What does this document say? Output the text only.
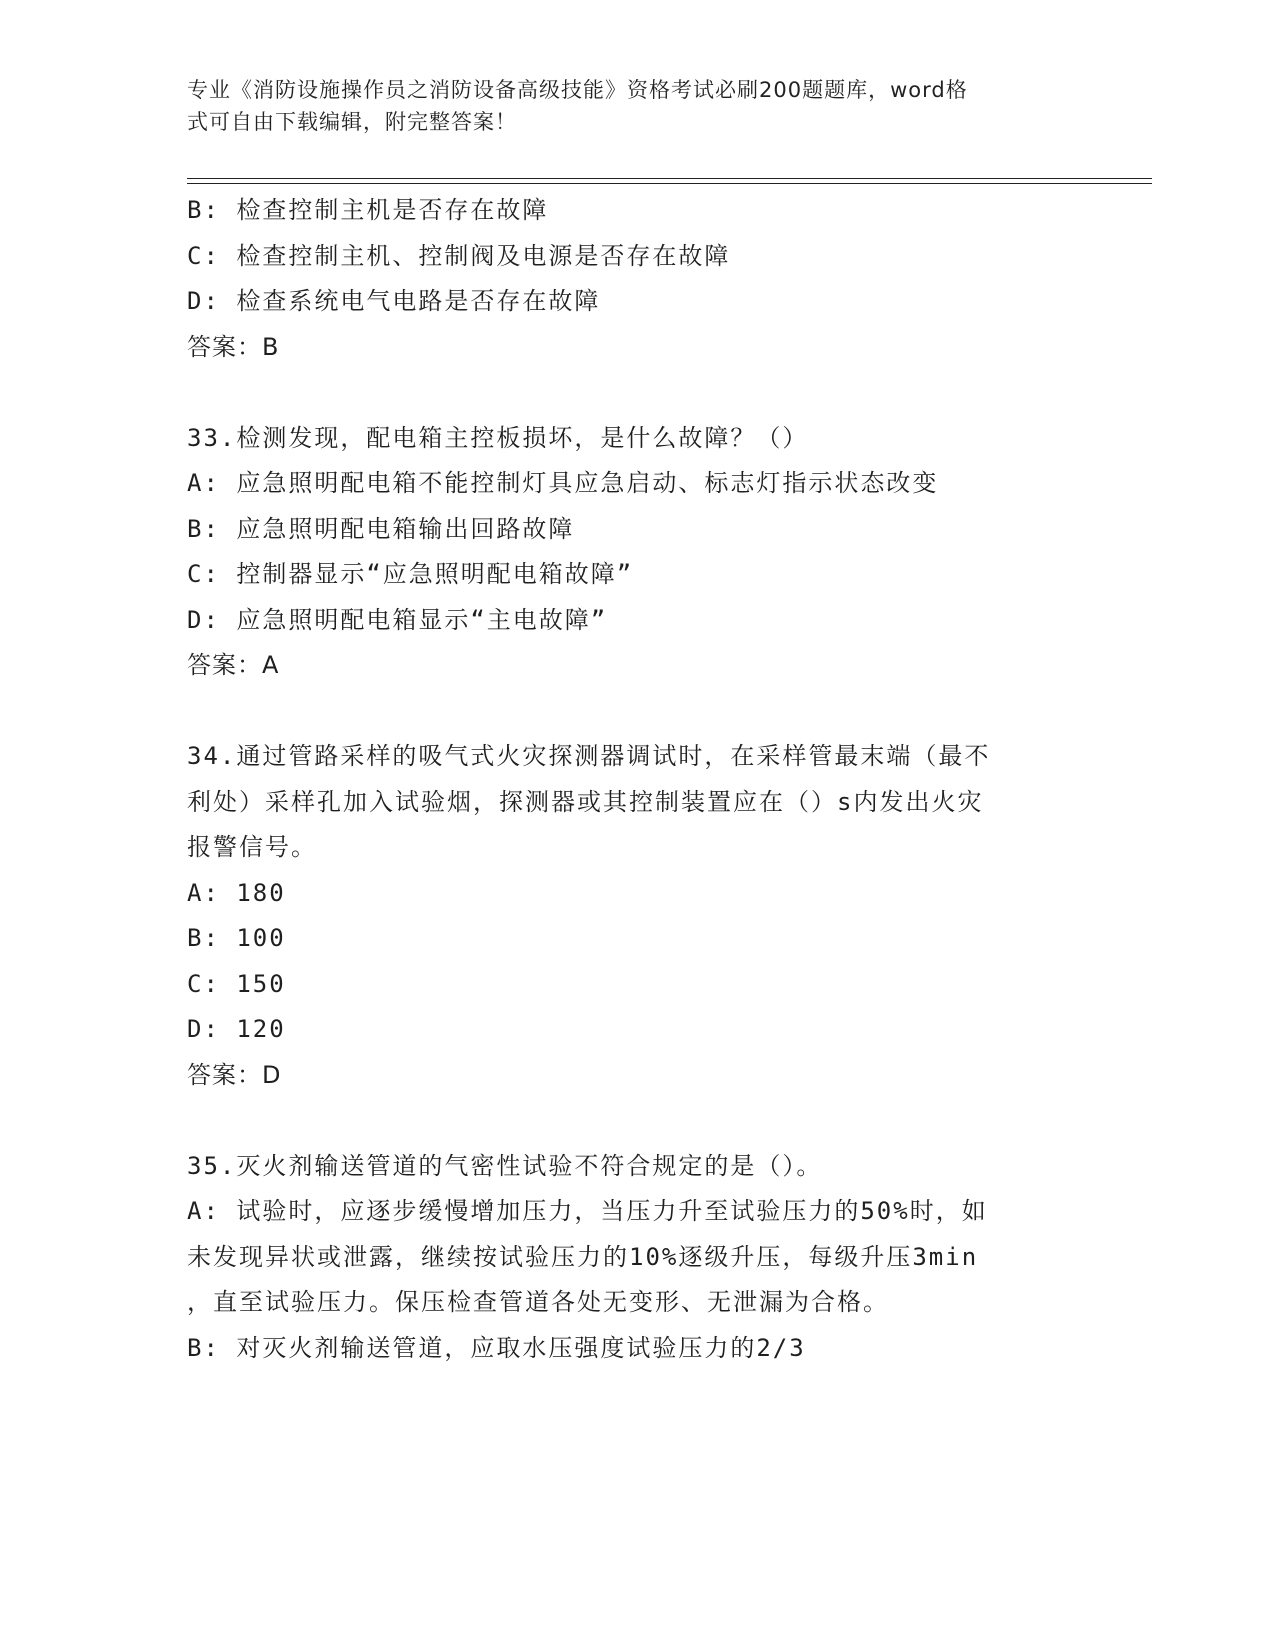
专业《消防设施操作员之消防设备高级技能》资格考试必刷200题题库，word格
式可自由下载编辑，附完整答案！
B: 检查控制主机是否存在故障
C: 检查控制主机、控制阀及电源是否存在故障
D: 检查系统电气电路是否存在故障
答案：B
33.检测发现，配电箱主控板损坏，是什么故障？（）
A: 应急照明配电箱不能控制灯具应急启动、标志灯指示状态改变
B: 应急照明配电箱输出回路故障
C: 控制器显示“应急照明配电箱故障”
D: 应急照明配电箱显示“主电故障”
答案：A
34.通过管路采样的吸气式火灾探测器调试时，在采样管最末端（最不
利处）采样孔加入试验烟，探测器或其控制装置应在（）s内发出火灾
报警信号。
A: 180
B: 100
C: 150
D: 120
答案：D
35.灭火剂输送管道的气密性试验不符合规定的是（）。
A: 试验时，应逐步缓慢增加压力，当压力升至试验压力的50%时，如
未发现异状或泄露，继续按试验压力的10%逐级升压，每级升压3min
，直至试验压力。保压检查管道各处无变形、无泄漏为合格。
B: 对灭火剂输送管道，应取水压强度试验压力的2/3
